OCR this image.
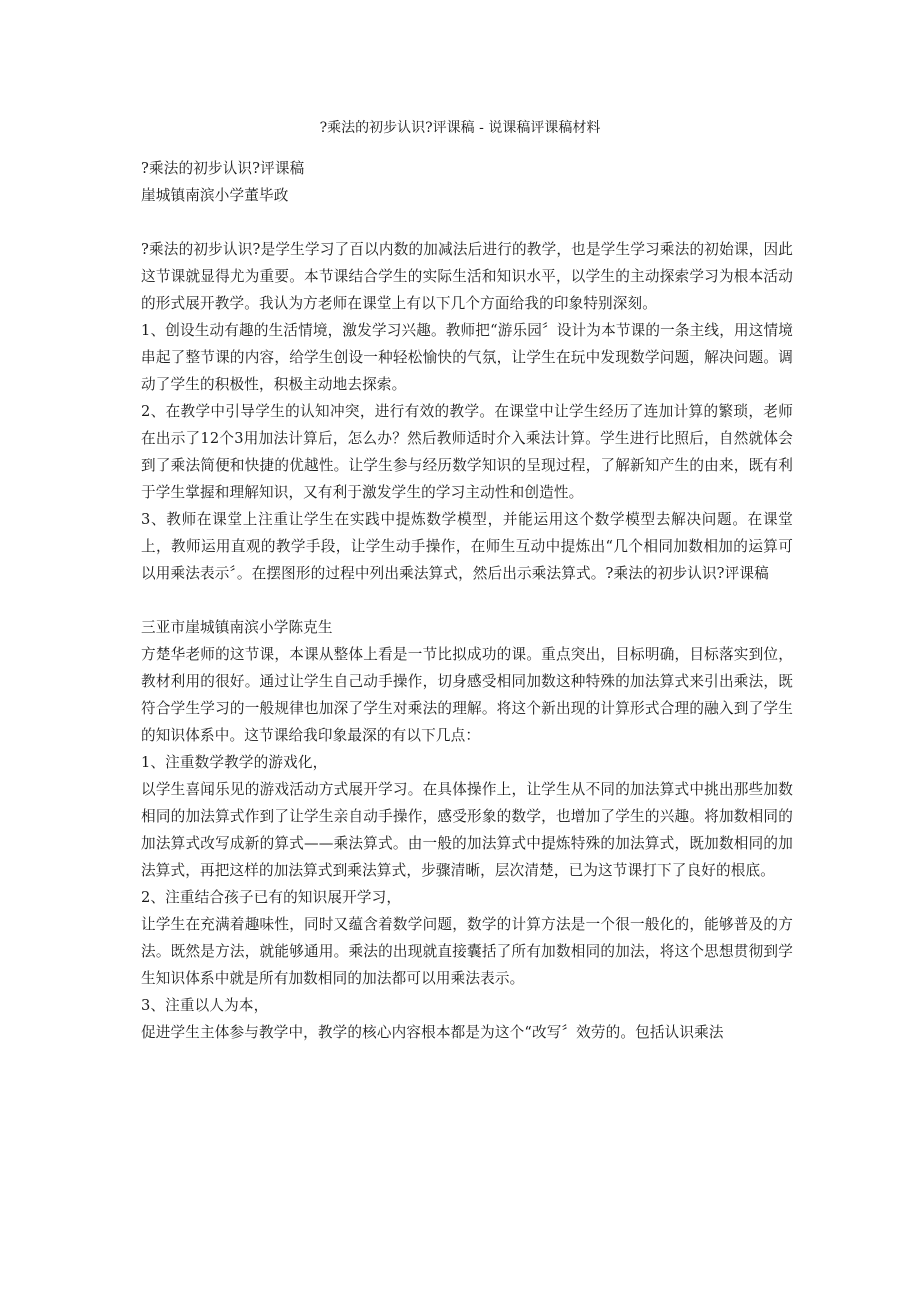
?乘法的初步认识?评课稿 - 说课稿评课稿材料

?乘法的初步认识?评课稿

崖城镇南滨小学董毕政

?乘法的初步认识?是学生学习了百以内数的加减法后进行的教学，也是学生学习乘法的初始课，因此这节课就显得尤为重要。本节课结合学生的实际生活和知识水平，以学生的主动探索学习为根本活动的形式展开教学。我认为方老师在课堂上有以下几个方面给我的印象特别深刻。

1、创设生动有趣的生活情境，激发学习兴趣。教师把“游乐园〞设计为本节课的一条主线，用这情境串起了整节课的内容，给学生创设一种轻松愉快的气氛，让学生在玩中发现数学问题，解决问题。调动了学生的积极性，积极主动地去探索。

2、在教学中引导学生的认知冲突，进行有效的教学。在课堂中让学生经历了连加计算的繁琐，老师在出示了12个3用加法计算后，怎么办？然后教师适时介入乘法计算。学生进行比照后，自然就体会到了乘法简便和快捷的优越性。让学生参与经历数学知识的呈现过程，了解新知产生的由来，既有利于学生掌握和理解知识，又有利于激发学生的学习主动性和创造性。

3、教师在课堂上注重让学生在实践中提炼数学模型，并能运用这个数学模型去解决问题。在课堂上，教师运用直观的教学手段，让学生动手操作，在师生互动中提炼出“几个相同加数相加的运算可以用乘法表示〞。在摆图形的过程中列出乘法算式，然后出示乘法算式。?乘法的初步认识?评课稿

三亚市崖城镇南滨小学陈克生

方楚华老师的这节课，本课从整体上看是一节比拟成功的课。重点突出，目标明确，目标落实到位，教材利用的很好。通过让学生自己动手操作，切身感受相同加数这种特殊的加法算式来引出乘法，既符合学生学习的一般规律也加深了学生对乘法的理解。将这个新出现的计算形式合理的融入到了学生的知识体系中。这节课给我印象最深的有以下几点：

1、注重数学教学的游戏化，

以学生喜闻乐见的游戏活动方式展开学习。在具体操作上，让学生从不同的加法算式中挑出那些加数相同的加法算式作到了让学生亲自动手操作，感受形象的数学，也增加了学生的兴趣。将加数相同的加法算式改写成新的算式——乘法算式。由一般的加法算式中提炼特殊的加法算式，既加数相同的加法算式，再把这样的加法算式到乘法算式，步骤清晰，层次清楚，已为这节课打下了良好的根底。

2、注重结合孩子已有的知识展开学习，

让学生在充满着趣味性，同时又蕴含着数学问题，数学的计算方法是一个很一般化的，能够普及的方法。既然是方法，就能够通用。乘法的出现就直接囊括了所有加数相同的加法，将这个思想贯彻到学生知识体系中就是所有加数相同的加法都可以用乘法表示。

3、注重以人为本，

促进学生主体参与教学中，教学的核心内容根本都是为这个“改写〞效劳的。包括认识乘法
